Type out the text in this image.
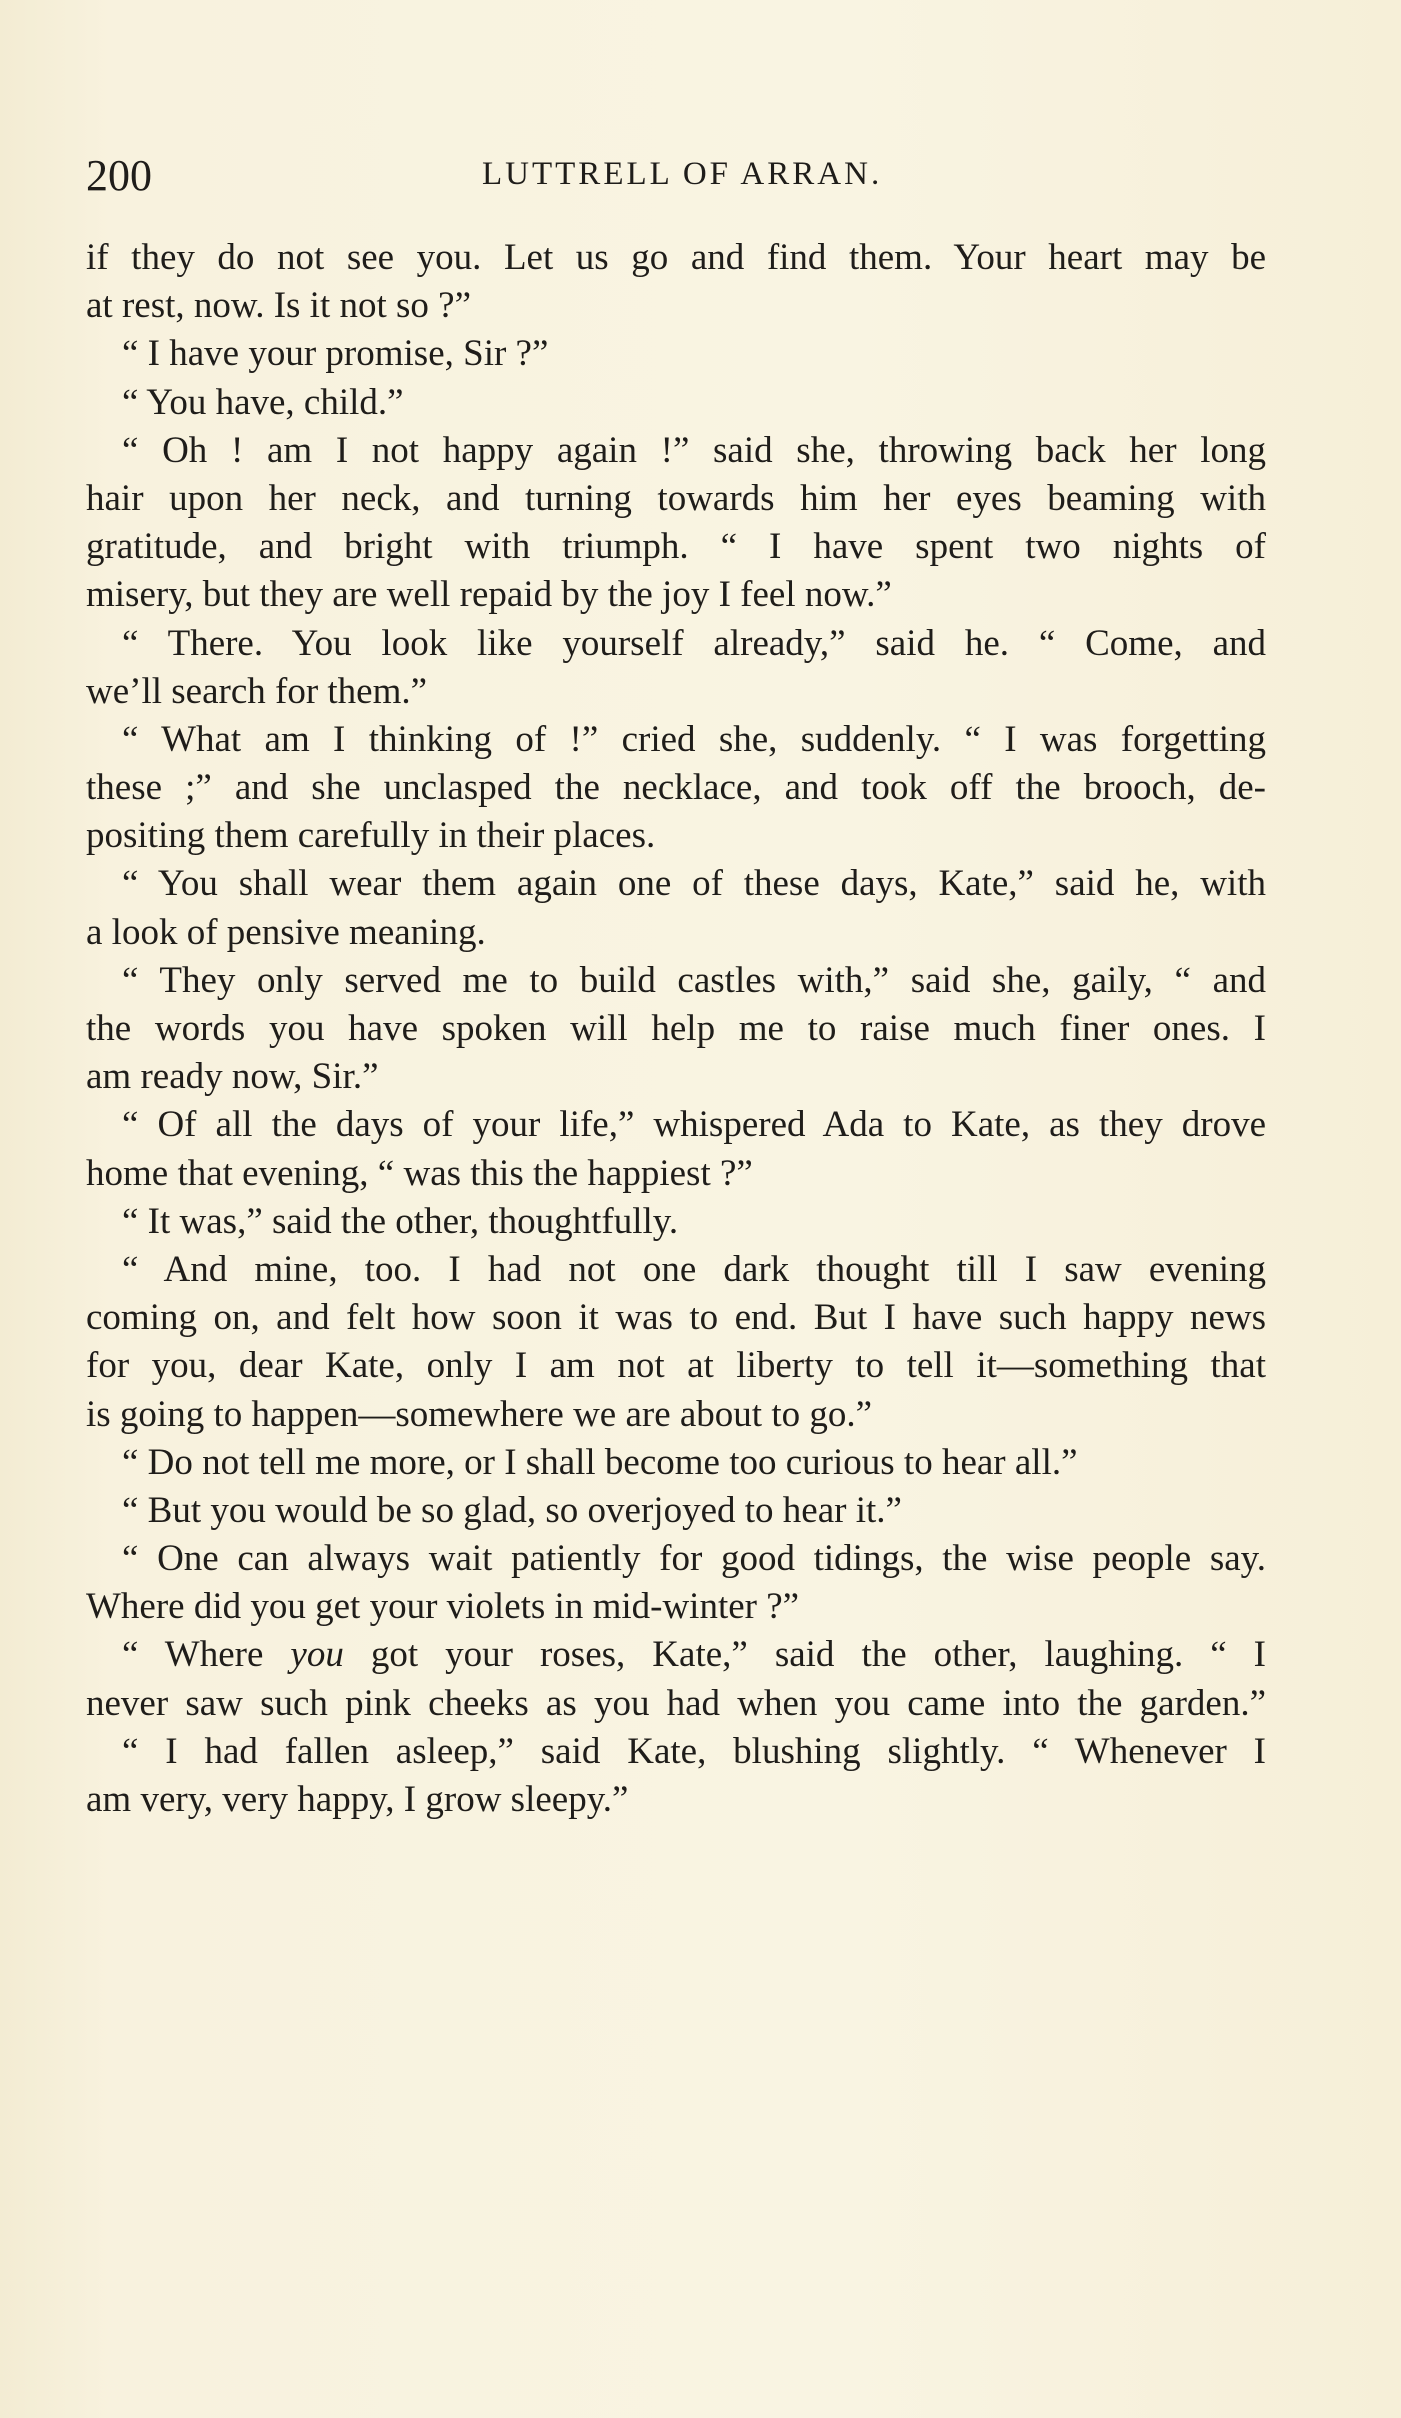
200	LUTTRELL OF ARRAN.
if they do not see you. Let us go and find them. Your heart may be
at rest, now. Is it not so ?”
“ I have your promise, Sir ?”
“ You have, child.”
“ Oh ! am I not happy again !” said she, throwing back her long
hair upon her neck, and turning towards him her eyes beaming with
gratitude, and bright with triumph. “ I have spent two nights of
misery, but they are well repaid by the joy I feel now.”
“ There. You look like yourself already,” said he. “ Come, and
we’ll search for them.”
“ What am I thinking of !” cried she, suddenly. “ I was forgetting
these ;” and she unclasped the necklace, and took off the brooch, de-
positing them carefully in their places.
“ You shall wear them again one of these days, Kate,” said he, with
a look of pensive meaning.
“ They only served me to build castles with,” said she, gaily, “ and
the words you have spoken will help me to raise much finer ones. I
am ready now, Sir.”
“ Of all the days of your life,” whispered Ada to Kate, as they drove
home that evening, “ was this the happiest ?”
“ It was,” said the other, thoughtfully.
“ And mine, too. I had not one dark thought till I saw evening
coming on, and felt how soon it was to end. But I have such happy news
for you, dear Kate, only I am not at liberty to tell it—something that
is going to happen—somewhere we are about to go.”
“ Do not tell me more, or I shall become too curious to hear all.”
“ But you would be so glad, so overjoyed to hear it.”
“ One can always wait patiently for good tidings, the wise people say.
Where did you get your violets in mid-winter ?”
“ Where you got your roses, Kate,” said the other, laughing. “ I
never saw such pink cheeks as you had when you came into the garden.”
“ I had fallen asleep,” said Kate, blushing slightly. “ Whenever I
am very, very happy, I grow sleepy.”
